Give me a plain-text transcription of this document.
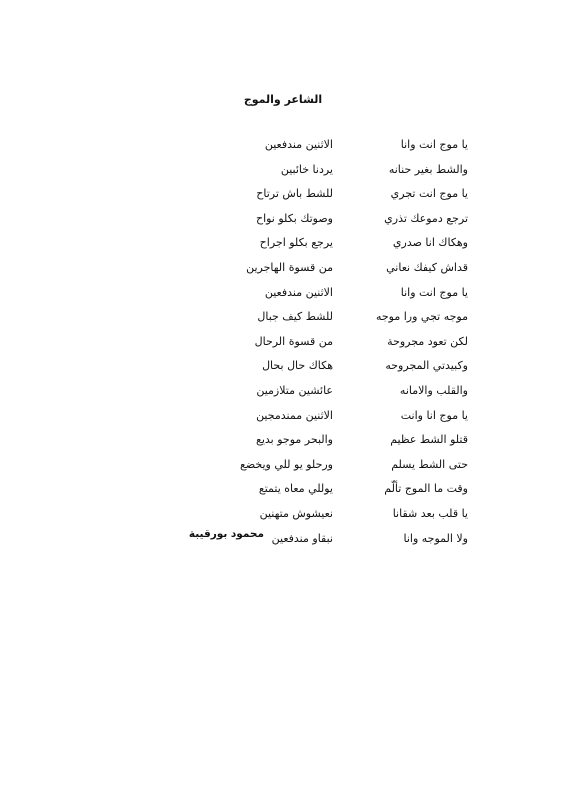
الشاعر والموج
يا موج انت وانا
الاثنين مندفعين
والشط بغير حنانه
يردنا خائبين
يا موج انت تجري
للشط باش ترتاح
ترجع دموعك تذري
وصوتك بكلو نواح
وهكاك انا صدري
يرجع بكلو اجراح
قداش كيفك نعاني
من قسوة الهاجرين
يا موج انت وانا
الاثنين مندفعين
موجه تجي ورا موجه
للشط كيف جبال
لكن تعود مجروحة
من قسوة الرحال
وكبيدتي المجروحه
هكاك حال بحال
والقلب والامانه
عائشين متلازمين
يا موج انا وانت
الاثنين ممندمجين
قتلو الشط عظيم
والبحر موجو بديع
حتى الشط يسلم
ورحلو يو للي ويخضع
وقت ما الموج تألّم
يوللي معاه يتمتع
يا قلب بعد شقانا
نعيشوش متهنين
ولا الموجه وانا
نبقاو مندفعين
محمود بورقيبة
